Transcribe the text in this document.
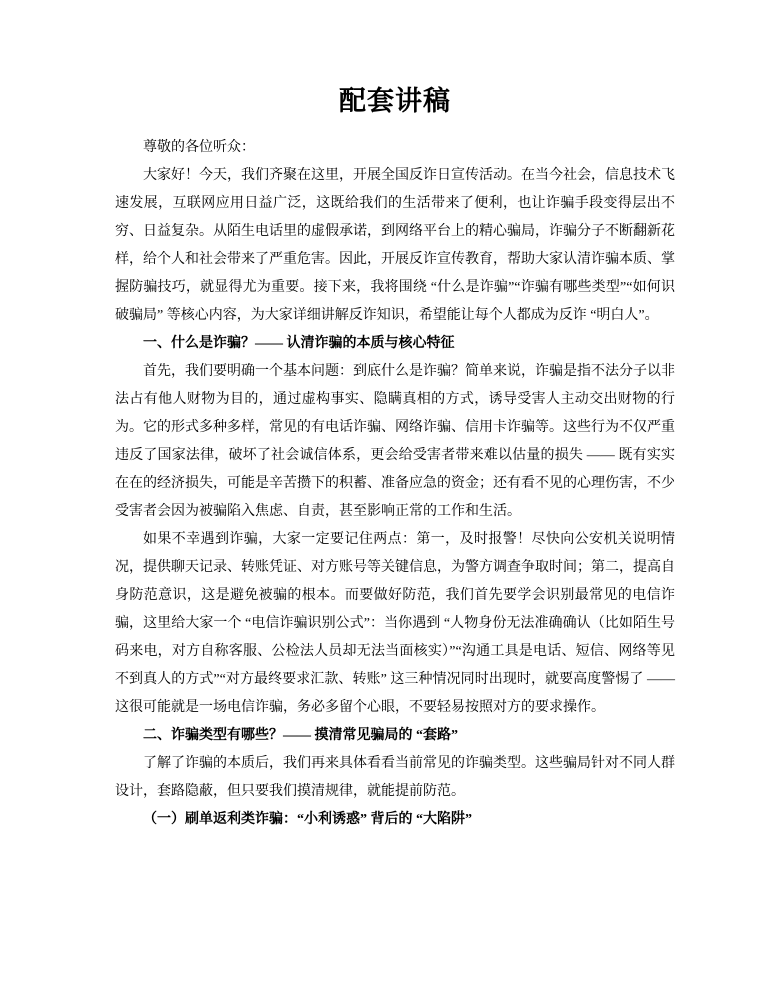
配套讲稿

尊敬的各位听众：

大家好！今天，我们齐聚在这里，开展全国反诈日宣传活动。在当今社会，信息技术飞速发展，互联网应用日益广泛，这既给我们的生活带来了便利，也让诈骗手段变得层出不穷、日益复杂。从陌生电话里的虚假承诺，到网络平台上的精心骗局，诈骗分子不断翻新花样，给个人和社会带来了严重危害。因此，开展反诈宣传教育，帮助大家认清诈骗本质、掌握防骗技巧，就显得尤为重要。接下来，我将围绕 “什么是诈骗”“诈骗有哪些类型”“如何识破骗局” 等核心内容，为大家详细讲解反诈知识，希望能让每个人都成为反诈 “明白人”。

一、什么是诈骗？—— 认清诈骗的本质与核心特征

首先，我们要明确一个基本问题：到底什么是诈骗？简单来说，诈骗是指不法分子以非法占有他人财物为目的，通过虚构事实、隐瞒真相的方式，诱导受害人主动交出财物的行为。它的形式多种多样，常见的有电话诈骗、网络诈骗、信用卡诈骗等。这些行为不仅严重违反了国家法律，破坏了社会诚信体系，更会给受害者带来难以估量的损失 —— 既有实实在在的经济损失，可能是辛苦攒下的积蓄、准备应急的资金；还有看不见的心理伤害，不少受害者会因为被骗陷入焦虑、自责，甚至影响正常的工作和生活。

如果不幸遇到诈骗，大家一定要记住两点：第一，及时报警！尽快向公安机关说明情况，提供聊天记录、转账凭证、对方账号等关键信息，为警方调查争取时间；第二，提高自身防范意识，这是避免被骗的根本。而要做好防范，我们首先要学会识别最常见的电信诈骗，这里给大家一个 “电信诈骗识别公式”：当你遇到 “人物身份无法准确确认（比如陌生号码来电，对方自称客服、公检法人员却无法当面核实）”“沟通工具是电话、短信、网络等见不到真人的方式”“对方最终要求汇款、转账” 这三种情况同时出现时，就要高度警惕了 —— 这很可能就是一场电信诈骗，务必多留个心眼，不要轻易按照对方的要求操作。

二、诈骗类型有哪些？—— 摸清常见骗局的 “套路”

了解了诈骗的本质后，我们再来具体看看当前常见的诈骗类型。这些骗局针对不同人群设计，套路隐蔽，但只要我们摸清规律，就能提前防范。

（一）刷单返利类诈骗：“小利诱惑” 背后的 “大陷阱”
